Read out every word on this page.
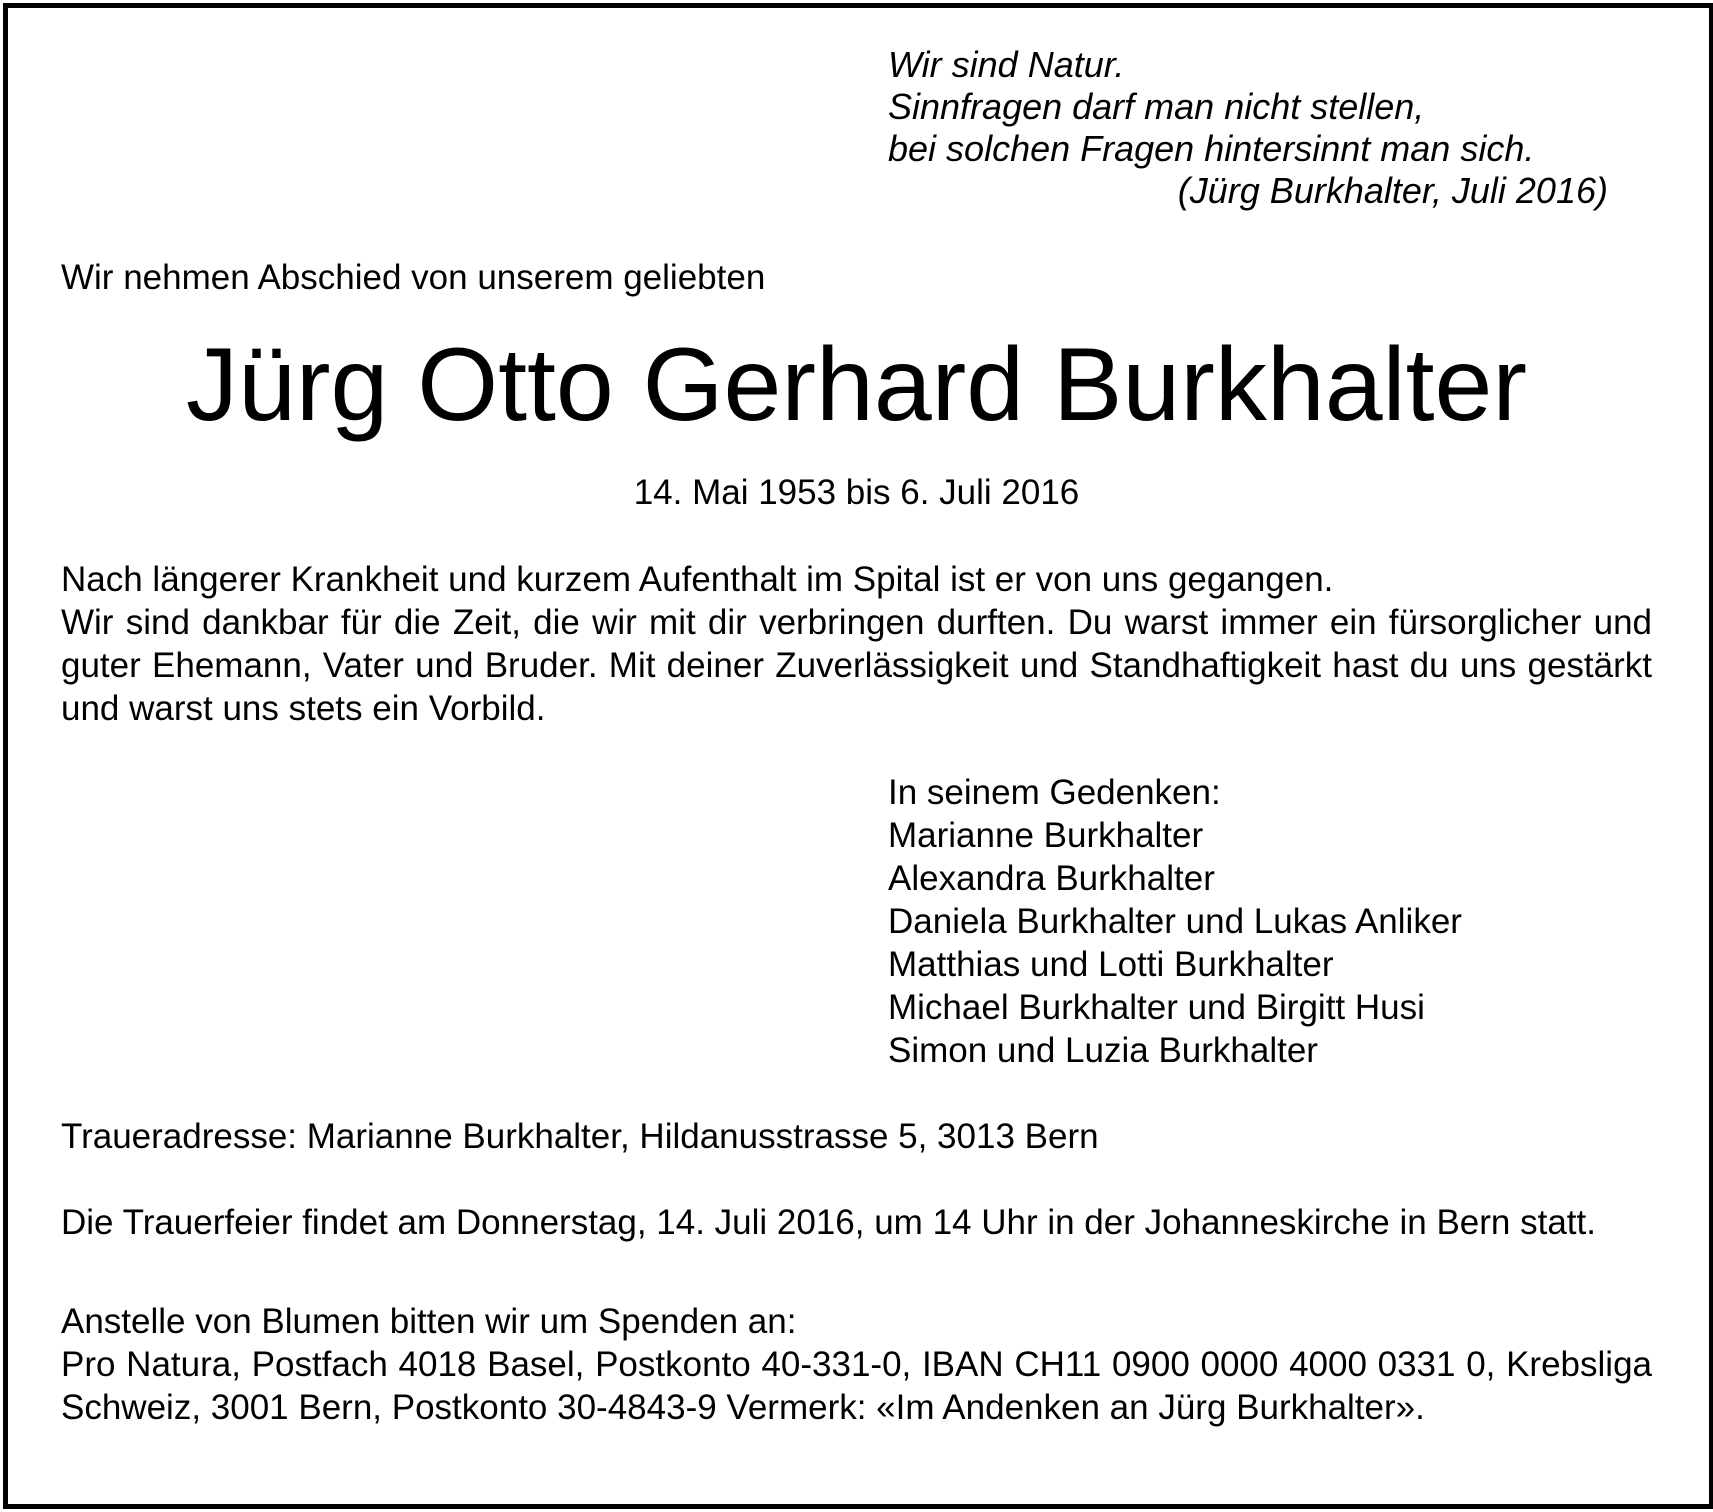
Wir sind Natur.
Sinnfragen darf man nicht stellen,
bei solchen Fragen hintersinnt man sich.
(Jürg Burkhalter, Juli 2016)
Wir nehmen Abschied von unserem geliebten
Jürg Otto Gerhard Burkhalter
14. Mai 1953 bis 6. Juli 2016
Nach längerer Krankheit und kurzem Aufenthalt im Spital ist er von uns gegangen.
Wir sind dankbar für die Zeit, die wir mit dir verbringen durften. Du warst immer ein fürsorglicher und guter Ehemann, Vater und Bruder. Mit deiner Zuverlässigkeit und Standhaftigkeit hast du uns gestärkt und warst uns stets ein Vorbild.
In seinem Gedenken:
Marianne Burkhalter
Alexandra Burkhalter
Daniela Burkhalter und Lukas Anliker
Matthias und Lotti Burkhalter
Michael Burkhalter und Birgitt Husi
Simon und Luzia Burkhalter
Traueradresse: Marianne Burkhalter, Hildanusstrasse 5, 3013 Bern
Die Trauerfeier findet am Donnerstag, 14. Juli 2016, um 14 Uhr in der Johanneskirche in Bern statt.
Anstelle von Blumen bitten wir um Spenden an:
Pro Natura, Postfach 4018 Basel, Postkonto 40-331-0, IBAN CH11 0900 0000 4000 0331 0, Krebsliga Schweiz, 3001 Bern, Postkonto 30-4843-9 Vermerk: «Im Andenken an Jürg Burkhalter».
